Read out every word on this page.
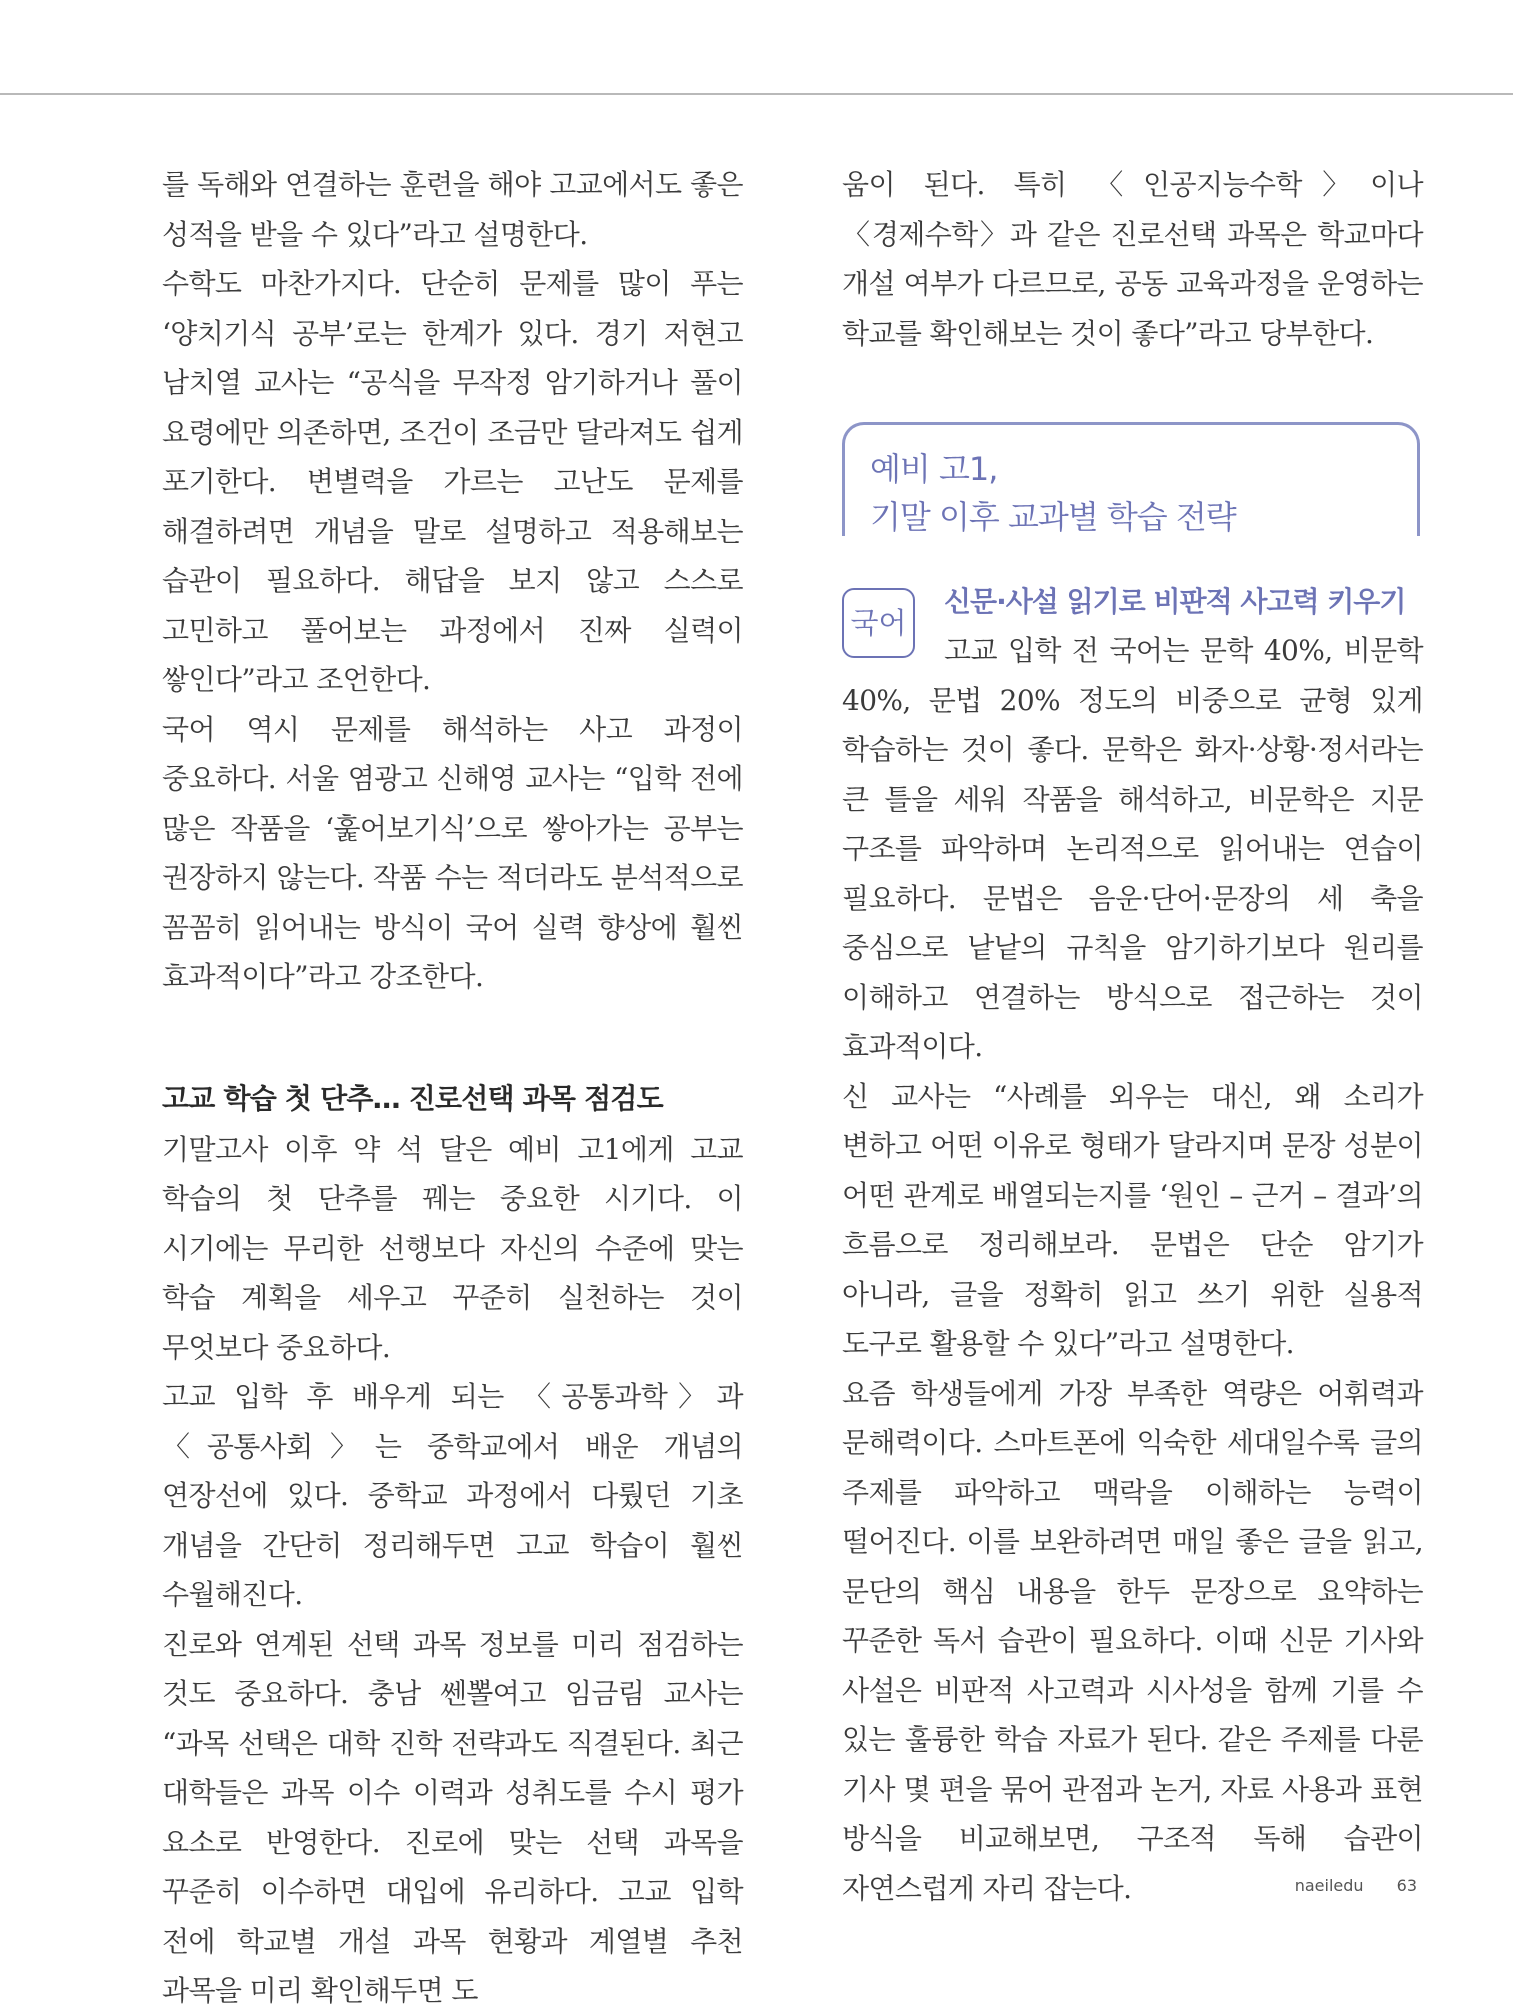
를 독해와 연결하는 훈련을 해야 고교에서도 좋은 성적을 받을 수 있다”라고 설명한다.

수학도 마찬가지다. 단순히 문제를 많이 푸는 ‘양치기식 공부’로는 한계가 있다. 경기 저현고 남치열 교사는 “공식을 무작정 암기하거나 풀이 요령에만 의존하면, 조건이 조금만 달라져도 쉽게 포기한다. 변별력을 가르는 고난도 문제를 해결하려면 개념을 말로 설명하고 적용해보는 습관이 필요하다. 해답을 보지 않고 스스로 고민하고 풀어보는 과정에서 진짜 실력이 쌓인다”라고 조언한다.

국어 역시 문제를 해석하는 사고 과정이 중요하다. 서울 염광고 신해영 교사는 “입학 전에 많은 작품을 ‘훑어보기식’으로 쌓아가는 공부는 권장하지 않는다. 작품 수는 적더라도 분석적으로 꼼꼼히 읽어내는 방식이 국어 실력 향상에 훨씬 효과적이다”라고 강조한다.

고교 학습 첫 단추… 진로선택 과목 점검도

기말고사 이후 약 석 달은 예비 고1에게 고교 학습의 첫 단추를 꿰는 중요한 시기다. 이 시기에는 무리한 선행보다 자신의 수준에 맞는 학습 계획을 세우고 꾸준히 실천하는 것이 무엇보다 중요하다.

고교 입학 후 배우게 되는 〈공통과학〉과 〈공통사회〉는 중학교에서 배운 개념의 연장선에 있다. 중학교 과정에서 다뤘던 기초 개념을 간단히 정리해두면 고교 학습이 훨씬 수월해진다.

진로와 연계된 선택 과목 정보를 미리 점검하는 것도 중요하다. 충남 쎈뽈여고 임금림 교사는 “과목 선택은 대학 진학 전략과도 직결된다. 최근 대학들은 과목 이수 이력과 성취도를 수시 평가 요소로 반영한다. 진로에 맞는 선택 과목을 꾸준히 이수하면 대입에 유리하다. 고교 입학 전에 학교별 개설 과목 현황과 계열별 추천 과목을 미리 확인해두면 도

움이 된다. 특히 〈인공지능수학〉이나 〈경제수학〉과 같은 진로선택 과목은 학교마다 개설 여부가 다르므로, 공동 교육과정을 운영하는 학교를 확인해보는 것이 좋다”라고 당부한다.

예비 고1,
기말 이후 교과별 학습 전략
국어
신문·사설 읽기로 비판적 사고력 키우기

고교 입학 전 국어는 문학 40%, 비문학 40%, 문법 20% 정도의 비중으로 균형 있게 학습하는 것이 좋다. 문학은 화자·상황·정서라는 큰 틀을 세워 작품을 해석하고, 비문학은 지문 구조를 파악하며 논리적으로 읽어내는 연습이 필요하다. 문법은 음운·단어·문장의 세 축을 중심으로 낱낱의 규칙을 암기하기보다 원리를 이해하고 연결하는 방식으로 접근하는 것이 효과적이다.

신 교사는 “사례를 외우는 대신, 왜 소리가 변하고 어떤 이유로 형태가 달라지며 문장 성분이 어떤 관계로 배열되는지를 ‘원인 – 근거 – 결과’의 흐름으로 정리해보라. 문법은 단순 암기가 아니라, 글을 정확히 읽고 쓰기 위한 실용적 도구로 활용할 수 있다”라고 설명한다.

요즘 학생들에게 가장 부족한 역량은 어휘력과 문해력이다. 스마트폰에 익숙한 세대일수록 글의 주제를 파악하고 맥락을 이해하는 능력이 떨어진다. 이를 보완하려면 매일 좋은 글을 읽고, 문단의 핵심 내용을 한두 문장으로 요약하는 꾸준한 독서 습관이 필요하다. 이때 신문 기사와 사설은 비판적 사고력과 시사성을 함께 기를 수 있는 훌륭한 학습 자료가 된다. 같은 주제를 다룬 기사 몇 편을 묶어 관점과 논거, 자료 사용과 표현 방식을 비교해보면, 구조적 독해 습관이 자연스럽게 자리 잡는다.	naeiledu 63
